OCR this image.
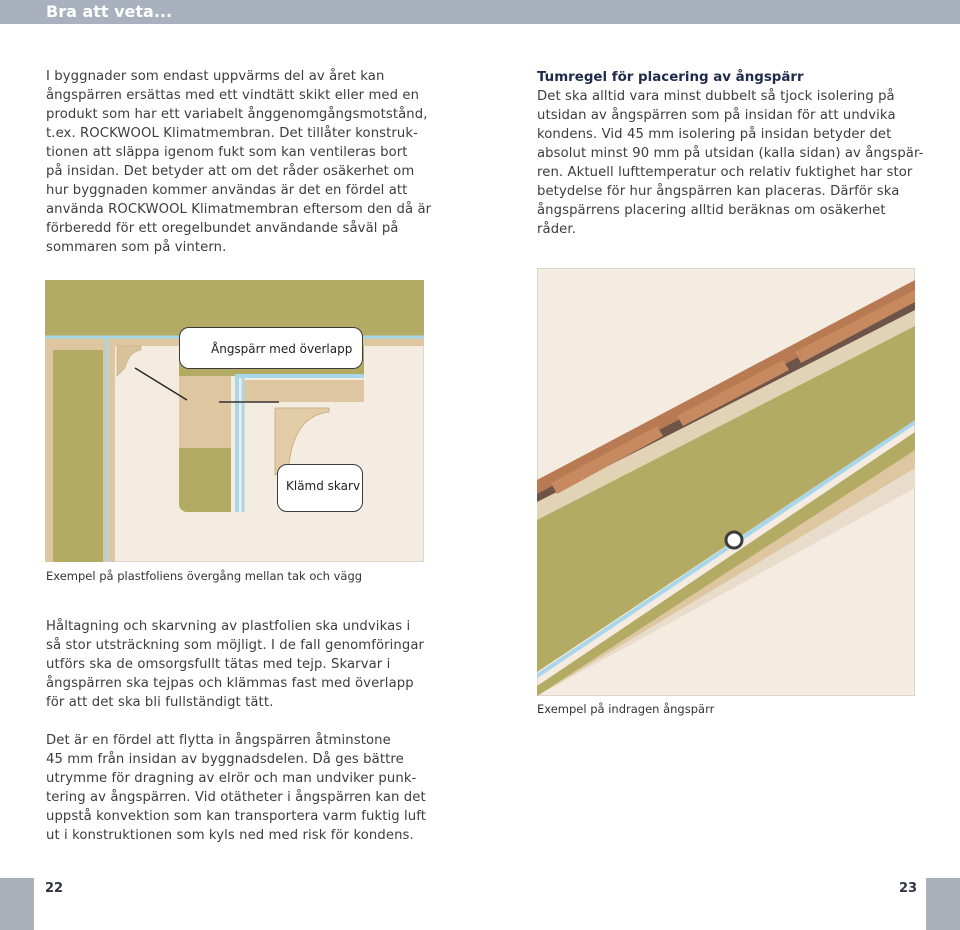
Bra att veta...

I byggnader som endast uppvärms del av året kan
ångspärren ersättas med ett vindtätt skikt eller med en
produkt som har ett variabelt ånggenomgångsmotstånd,
t.ex. ROCKWOOL Klimatmembran. Det tillåter konstruk-
tionen att släppa igenom fukt som kan ventileras bort
på insidan. Det betyder att om det råder osäkerhet om
hur byggnaden kommer användas är det en fördel att
använda ROCKWOOL Klimatmembran eftersom den då är
förberedd för ett oregelbundet användande såväl på
sommaren som på vintern.

Tumregel för placering av ångspärr

Det ska alltid vara minst dubbelt så tjock isolering på
utsidan av ångspärren som på insidan för att undvika
kondens. Vid 45 mm isolering på insidan betyder det
absolut minst 90 mm på utsidan (kalla sidan) av ångspär-
ren. Aktuell lufttemperatur och relativ fuktighet har stor
betydelse för hur ångspärren kan placeras. Därför ska
ångspärrens placering alltid beräknas om osäkerhet
råder.

Ångspärr med överlapp
Klämd skarv

Exempel på plastfoliens övergång mellan tak och vägg

Exempel på indragen ångspärr

Håltagning och skarvning av plastfolien ska undvikas i
så stor utsträckning som möjligt. I de fall genomföringar
utförs ska de omsorgsfullt tätas med tejp. Skarvar i
ångspärren ska tejpas och klämmas fast med överlapp
för att det ska bli fullständigt tätt.

Det är en fördel att flytta in ångspärren åtminstone
45 mm från insidan av byggnadsdelen. Då ges bättre
utrymme för dragning av elrör och man undviker punk-
tering av ångspärren. Vid otätheter i ångspärren kan det
uppstå konvektion som kan transportera varm fuktig luft
ut i konstruktionen som kyls ned med risk för kondens.

22	23
